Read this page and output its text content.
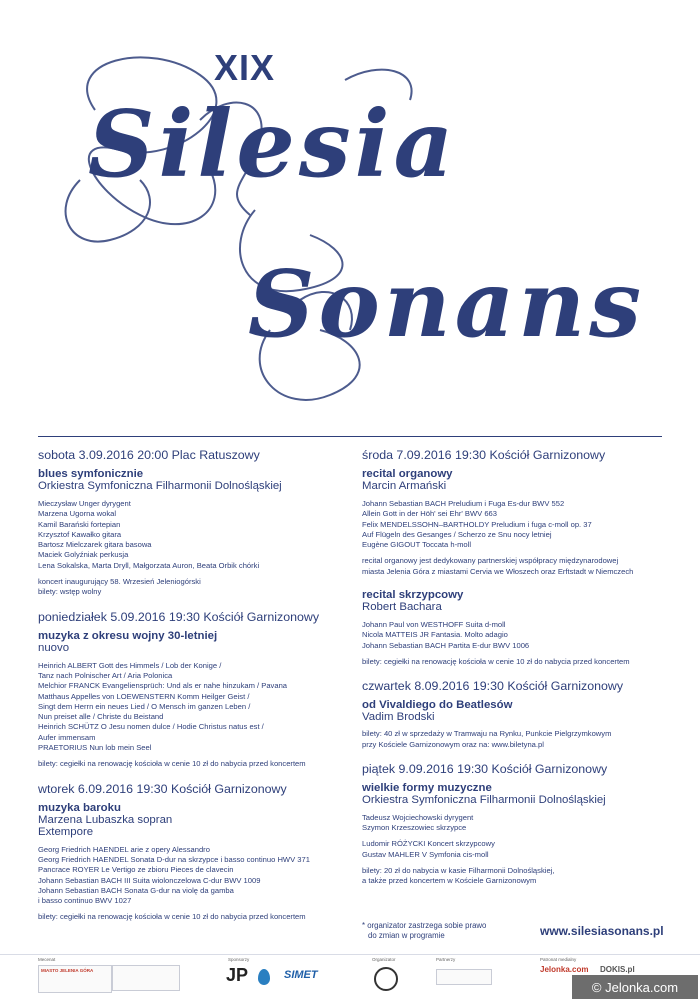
XIX
Silesia
Sonans
sobota 3.09.2016 20:00 Plac Ratuszowy
blues symfonicznie
Orkiestra Symfoniczna Filharmonii Dolnośląskiej
Mieczysław Unger dyrygent
Marzena Ugorna wokal
Kamil Barański fortepian
Krzysztof Kawałko gitara
Bartosz Mielczarek gitara basowa
Maciek Golyźniak perkusja
Lena Sokalska, Marta Dryll, Małgorzata Auron, Beata Orbik chórki
koncert inaugurujący 58. Wrzesień Jeleniogórski
bilety: wstęp wolny
poniedziałek 5.09.2016 19:30 Kościół Garnizonowy
muzyka z okresu wojny 30-letniej
nuovo
Heinrich ALBERT Gott des Himmels / Lob der Konige /
Tanz nach Polnischer Art / Aria Polonica
Melchior FRANCK Evangeliensprüch: Und als er nahe hinzukam / Pavana
Matthaus Appelles von LOEWENSTERN Komm Heilger Geist /
Singt dem Herrn ein neues Lied / O Mensch im ganzen Leben /
Nun preiset alle / Christe du Beistand
Heinrich SCHÜTZ O Jesu nomen dulce / Hodie Christus natus est /
Aufer immensam
PRAETORIUS Nun lob mein Seel
bilety: cegiełki na renowację kościoła w cenie 10 zł do nabycia przed koncertem
wtorek 6.09.2016 19:30 Kościół Garnizonowy
muzyka baroku
Marzena Lubaszka sopran
Extempore
Georg Friedrich HAENDEL arie z opery Alessandro
Georg Friedrich HAENDEL Sonata D-dur na skrzypce i basso continuo HWV 371
Pancrace ROYER Le Vertigo ze zbioru Pieces de clavecin
Johann Sebastian BACH III Suita wiolonczelowa C-dur BWV 1009
Johann Sebastian BACH Sonata G-dur na violę da gamba
i basso continuo BWV 1027
bilety: cegiełki na renowację kościoła w cenie 10 zł do nabycia przed koncertem
środa 7.09.2016 19:30 Kościół Garnizonowy
recital organowy
Marcin Armański
Johann Sebastian BACH Preludium i Fuga Es-dur BWV 552
Allein Gott in der Höh' sei Ehr' BWV 663
Felix MENDELSSOHN–BARTHOLDY Preludium i fuga c-moll op. 37
Auf Flügeln des Gesanges / Scherzo ze Snu nocy letniej
Eugène GIGOUT Toccata h-moll
recital organowy jest dedykowany partnerskiej współpracy międzynarodowej
miasta Jelenia Góra z miastami Cervia we Włoszech oraz Erftstadt w Niemczech
recital skrzypcowy
Robert Bachara
Johann Paul von WESTHOFF Suita d-moll
Nicola MATTEIS JR Fantasia. Molto adagio
Johann Sebastian BACH Partita E-dur BWV 1006
bilety: cegiełki na renowację kościoła w cenie 10 zł do nabycia przed koncertem
czwartek 8.09.2016 19:30 Kościół Garnizonowy
od Vivaldiego do Beatlesów
Vadim Brodski
bilety: 40 zł w sprzedaży w Tramwaju na Rynku, Punkcie Pielgrzymkowym
przy Kościele Garnizonowym oraz na: www.biletyna.pl
piątek 9.09.2016 19:30 Kościół Garnizonowy
wielkie formy muzyczne
Orkiestra Symfoniczna Filharmonii Dolnośląskiej
Tadeusz Wojciechowski dyrygent
Szymon Krzeszowiec skrzypce
Ludomir RÓŻYCKI Koncert skrzypcowy
Gustav MAHLER V Symfonia cis-moll
bilety: 20 zł do nabycia w kasie Filharmonii Dolnośląskiej,
a także przed koncertem w Kościele Garnizonowym
* organizator zastrzega sobie prawo
do zmian w programie	www.silesiasonans.pl
Mecenat
MIASTO JELENIA GÓRA
Sponsorzy
JP	SIMET
Organizator	Partnerzy	Patronat medialny
Jelonka.com DOKIS.pl
© Jelonka.com
